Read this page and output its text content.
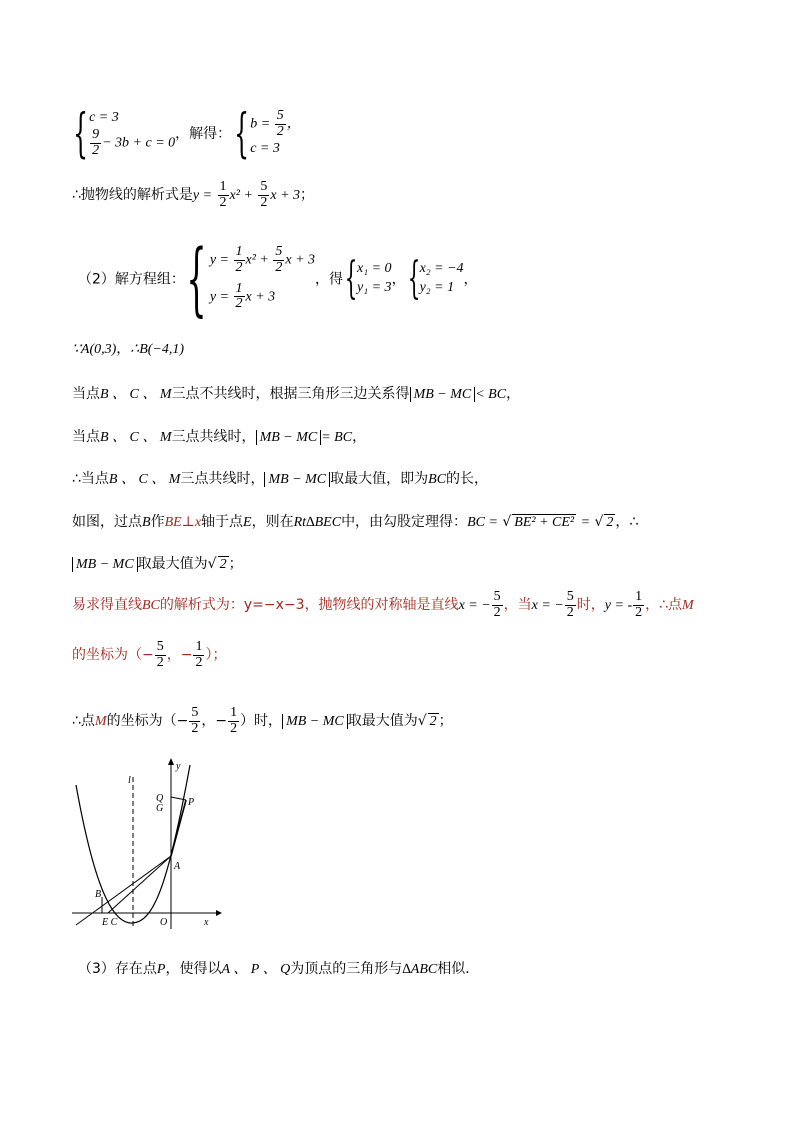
{ c = 3
$\frac{9}{2} - 3b + c = 0$
，解得：{ $b = \frac{5}{2}$ ，
c = 3
∴抛物线的解析式是$y = \frac{1}{2} x^2 + \frac{5}{2}$ x + 3；
（2）解方程组：{ $y = \frac{1}{2} x^2 + \frac{5}{2}$ x + 3
$y = \frac{1}{2}$ x + 3
，得{ x₁ = 0
y₁ = 3 ，{ x₂ = −4
y₂ = 1 ，
∵A(0,3)，∴B(−4,1)
当点B 、 C 、 M三点不共线时，根据三角形三边关系得 MB − MC < BC，
当点B 、 C 、 M三点共线时， MB − MC = BC，
∴当点B 、 C 、 M三点共线时， MB − MC 取最大值，即为BC的长，
如图，过点B作BE⊥x轴于点E，则在Rt∆BEC中，由勾股定理得：BC = √ BE² + CE² = √ 2 ，∴
MB − MC 取最大值为√ 2 ；
易求得直线BC的解析式为：y=−x−3，抛物线的对称轴是直线x = − $\frac{5}{2}$ ，当x = − $\frac{5}{2}$ 时，y = - $\frac{1}{2}$ ，∴点M
的坐标为（− $\frac{5}{2}$ ，− $\frac{1}{2}$ ）；
∴点M的坐标为（− $\frac{5}{2}$ ，− $\frac{1}{2}$ ）时， MB − MC 取最大值为√ 2 ；
y
x
l
Q
G
P
A
B
E C	O
（3）存在点P，使得以A 、 P 、 Q为顶点的三角形与∆ABC相似．
